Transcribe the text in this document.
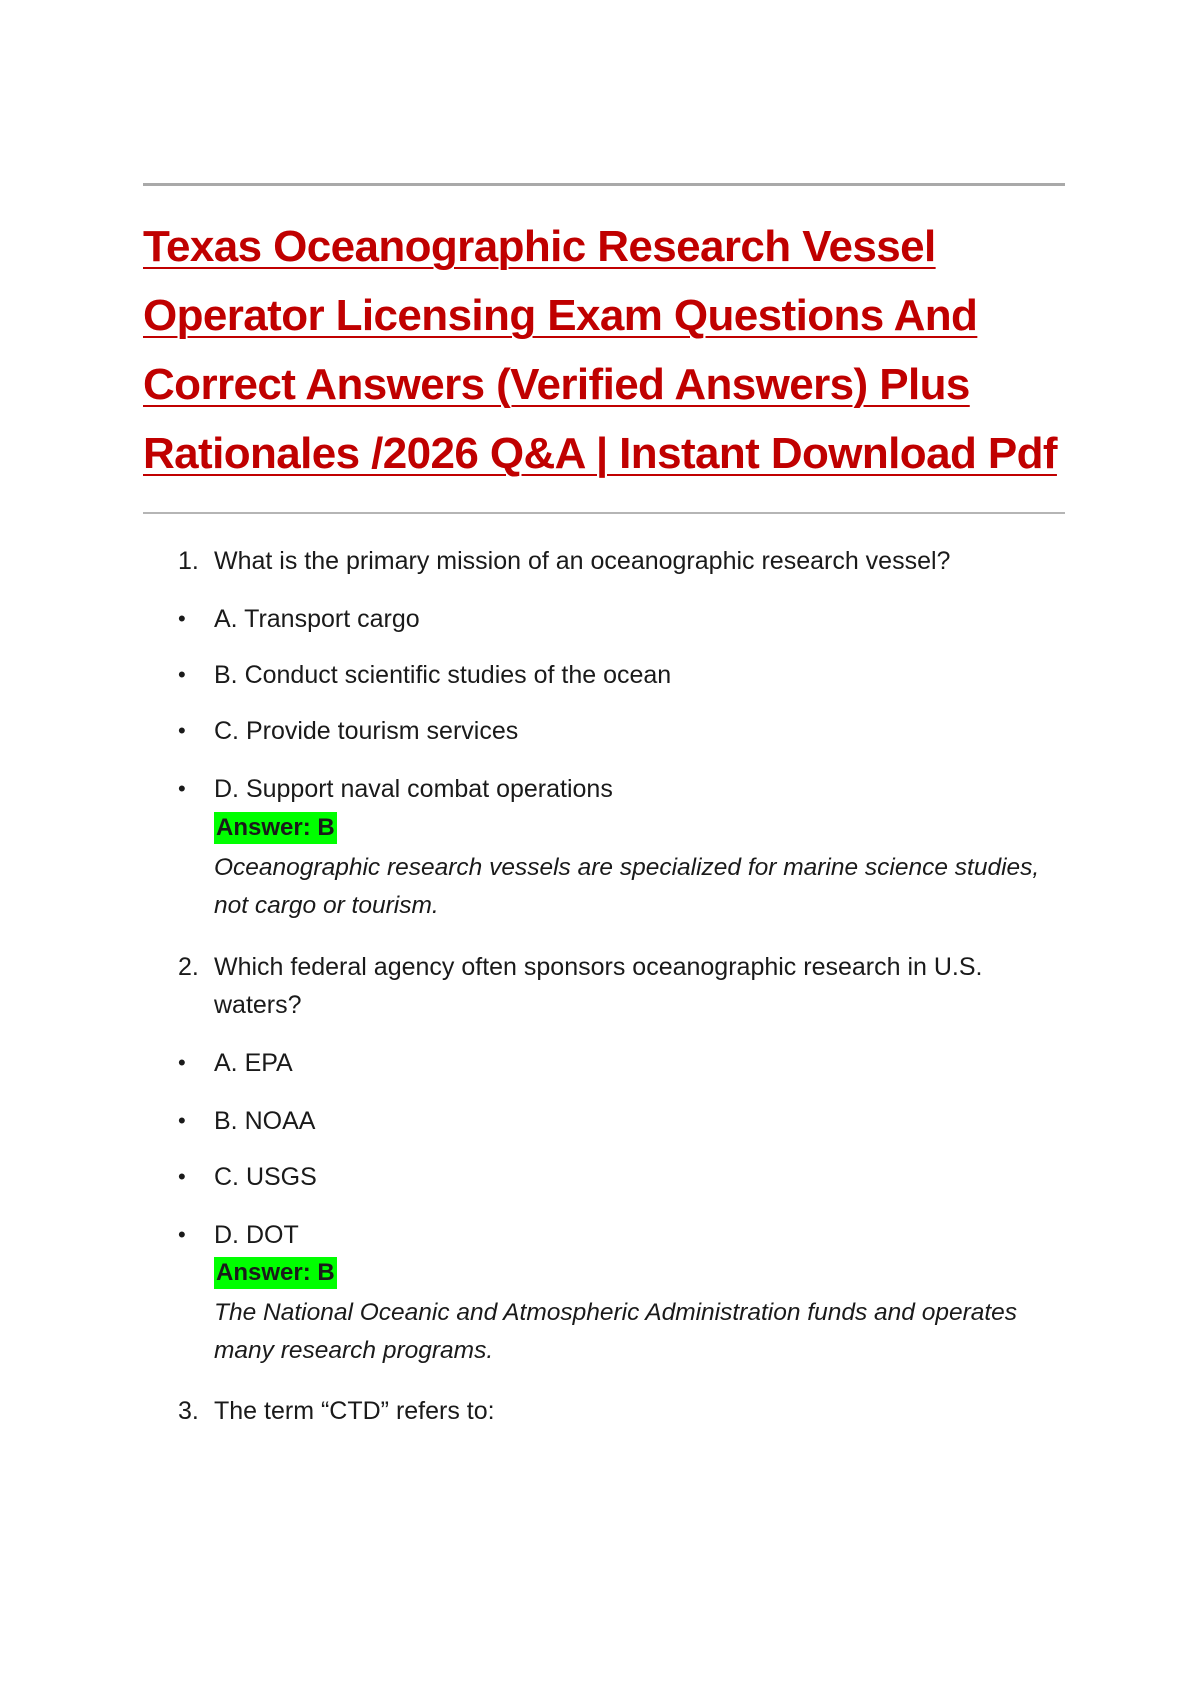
Texas Oceanographic Research Vessel
Operator Licensing Exam Questions And
Correct Answers (Verified Answers) Plus
Rationales /2026 Q&A | Instant Download Pdf
1. What is the primary mission of an oceanographic research vessel?
• A. Transport cargo
• B. Conduct scientific studies of the ocean
• C. Provide tourism services
• D. Support naval combat operations
Answer: B
Oceanographic research vessels are specialized for marine science studies, not cargo or tourism.
2. Which federal agency often sponsors oceanographic research in U.S. waters?
• A. EPA
• B. NOAA
• C. USGS
• D. DOT
Answer: B
The National Oceanic and Atmospheric Administration funds and operates many research programs.
3. The term “CTD” refers to:
